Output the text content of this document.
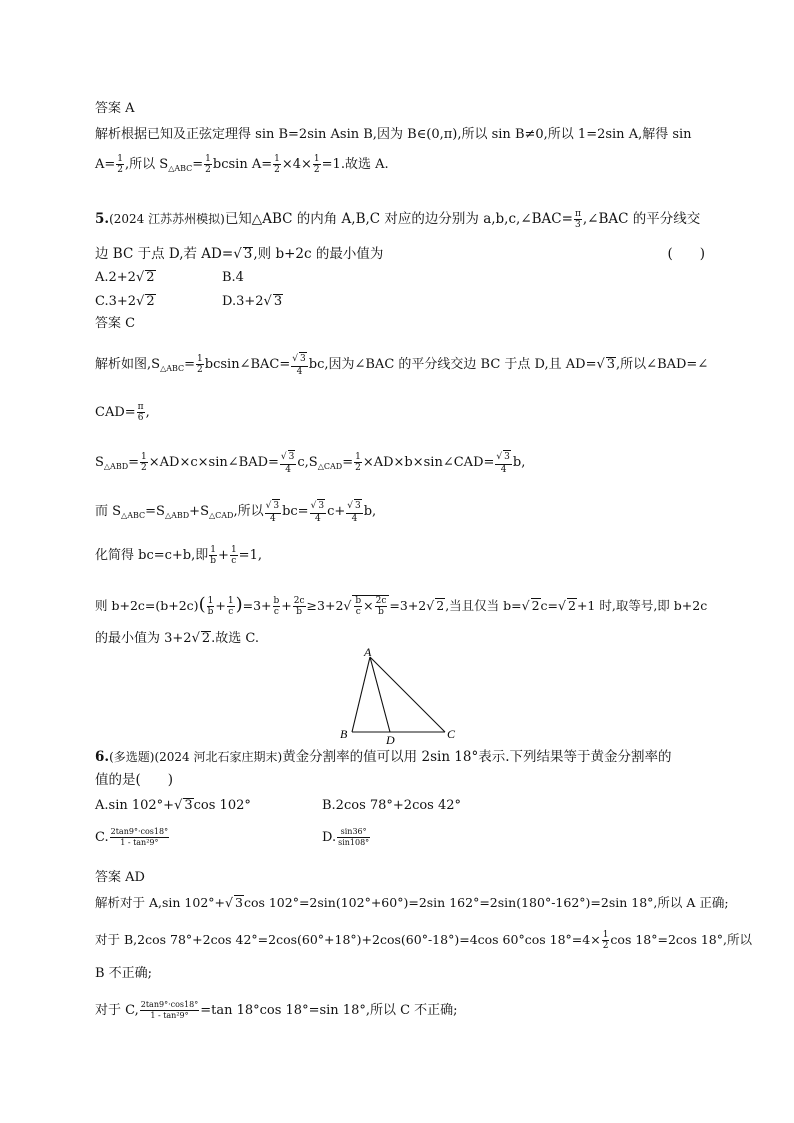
答案 A
解析根据已知及正弦定理得 sin B=2sin Asin B,因为 B∈(0,π),所以 sin B≠0,所以 1=2sin A,解得 sin
$A= \frac{1}{2}$ ,所以 $S_{\triangle ABC}= \frac{1}{2}$ bcsin $A= \frac{1}{2} \times 4\times \frac{1}{2} =1$.故选 A.
5.(2024 江苏苏州模拟)已知△ABC 的内角 A,B,C 对应的边分别为 a,b,c,∠BAC= $\frac{\pi}{3}$ ,∠BAC 的平分线交
边 BC 于点 D,若 AD=√ 3,则 b+2c 的最小值为	(　　)
A.2+2√ 2	B.4
C.3+2√ 2	D.3+2√ 3
答案 C
解析如图$,S_{\triangle ABC}= \frac{1}{2}$ bcsin∠BAC= $\frac{√ 3}{4}$ bc,因为∠BAC 的平分线交边 BC 于点 D,且 AD=√ 3,所以∠BAD=∠
$CAD= \frac{\pi}{6}$ ,
$S_{\triangle ABD}= \frac{1}{2}$ ×AD×c×sin∠BAD= $\frac{√ 3}{4} c,S_{\triangle CAD}= \frac{1}{2}$ ×AD×b×sin∠CAD= $\frac{√ 3}{4} b$,
而 $S_{\triangle ABC}=S_{\triangle ABD}+S_{\triangle CAD}$,所以 $\frac{√ 3}{4} bc= \frac{√ 3}{4} c+ \frac{√ 3}{4} b$,
化简得 bc=c+b,即 $\frac{1}{b} + \frac{1}{c} =1$,
则 $b+2c=(b+2c)( \frac{1}{b} + \frac{1}{c} )=3+ \frac{b}{c} + \frac{2c}{b} \ge 3+2√ \frac{b}{c} \times \frac{2c}{b} =3+2√$ 2,当且仅当 b=√ 2c=√ 2+1 时,取等号,即 b+2c
的最小值为 3+2√ 2.故选 C.
A
B	C
D
6.(多选题)(2024 河北石家庄期末)黄金分割率的值可以用 2sin 18°表示.下列结果等于黄金分割率的
值的是(　　)
A.sin 102°+√ 3cos 102°	B.2cos 78°+2cos 42°
C. $\frac{2\tan 9^\circ\cdot\cos 18^\circ}{\text{1 - tan²9°}}$	D. $\frac{\sin 36^\circ}{\sin 108^\circ}$
答案 AD
解析对于 A,sin 102°+√ 3cos 102°=2sin(102°+60°)=2sin 162°=2sin(180°-162°)=2sin 18°,所以 A 正确;
对于 B,2cos 78°+2cos 42°=2cos(60°+18°)+2cos(60°-18°)=4cos 60°cos $18^\circ=4\times \frac{1}{2}$ cos 18°=2cos 18°,所以
B 不正确;
对于 C, $\frac{2\tan 9^\circ\cdot\cos 18^\circ}{\text{1 - tan²9°}} =\tan$ 18°cos 18°=sin 18°,所以 C 不正确;
